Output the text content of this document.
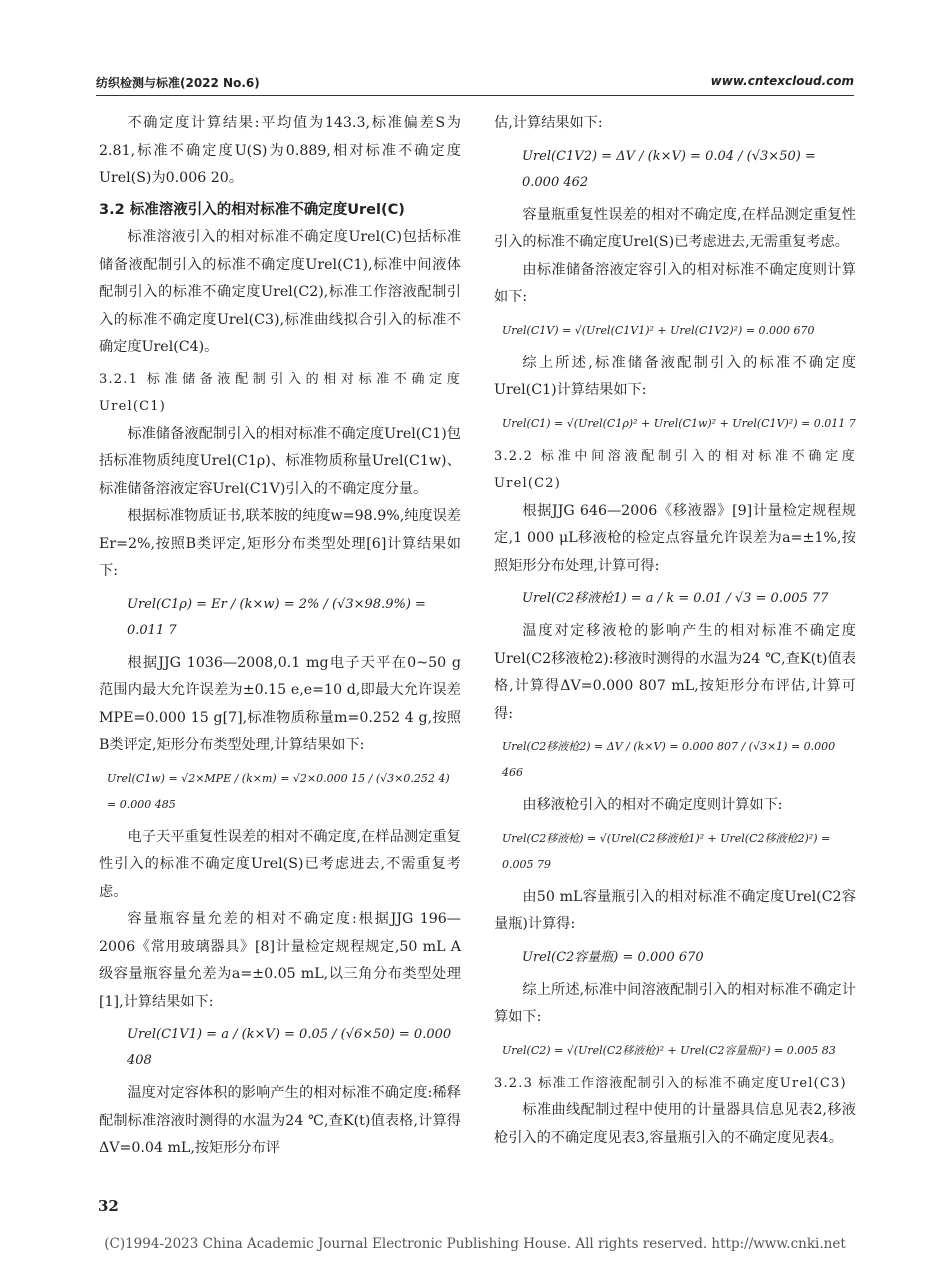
纺织检测与标准(2022 No.6)	www.cntexcloud.com

不确定度计算结果:平均值为143.3,标准偏差S为2.81,标准不确定度U(S)为0.889,相对标准不确定度Urel(S)为0.006 20。

3.2 标准溶液引入的相对标准不确定度Urel(C)

标准溶液引入的相对标准不确定度Urel(C)包括标准储备液配制引入的标准不确定度Urel(C1),标准中间液体配制引入的标准不确定度Urel(C2),标准工作溶液配制引入的标准不确定度Urel(C3),标准曲线拟合引入的标准不确定度Urel(C4)。

3.2.1 标准储备液配制引入的相对标准不确定度Urel(C1)

标准储备液配制引入的相对标准不确定度Urel(C1)包括标准物质纯度Urel(C1ρ)、标准物质称量Urel(C1w)、标准储备溶液定容Urel(C1V)引入的不确定度分量。

根据标准物质证书,联苯胺的纯度w=98.9%,纯度误差Er=2%,按照B类评定,矩形分布类型处理[6]计算结果如下:

Urel(C1ρ) = Er / (k×w) = 2% / (√3×98.9%) = 0.011 7

根据JJG 1036—2008,0.1 mg电子天平在0~50 g范围内最大允许误差为±0.15 e,e=10 d,即最大允许误差MPE=0.000 15 g[7],标准物质称量m=0.252 4 g,按照B类评定,矩形分布类型处理,计算结果如下:

Urel(C1w) = √2×MPE / (k×m) = √2×0.000 15 / (√3×0.252 4) = 0.000 485

电子天平重复性误差的相对不确定度,在样品测定重复性引入的标准不确定度Urel(S)已考虑进去,不需重复考虑。

容量瓶容量允差的相对不确定度:根据JJG 196—2006《常用玻璃器具》[8]计量检定规程规定,50 mL A级容量瓶容量允差为a=±0.05 mL,以三角分布类型处理[1],计算结果如下:

Urel(C1V1) = a / (k×V) = 0.05 / (√6×50) = 0.000 408

温度对定容体积的影响产生的相对标准不确定度:稀释配制标准溶液时测得的水温为24 ℃,查K(t)值表格,计算得ΔV=0.04 mL,按矩形分布评

估,计算结果如下:

Urel(C1V2) = ΔV / (k×V) = 0.04 / (√3×50) = 0.000 462

容量瓶重复性误差的相对不确定度,在样品测定重复性引入的标准不确定度Urel(S)已考虑进去,无需重复考虑。

由标准储备溶液定容引入的相对标准不确定度则计算如下:

Urel(C1V) = √(Urel(C1V1)² + Urel(C1V2)²) = 0.000 670

综上所述,标准储备液配制引入的标准不确定度Urel(C1)计算结果如下:

Urel(C1) = √(Urel(C1ρ)² + Urel(C1w)² + Urel(C1V)²) = 0.011 7

3.2.2 标准中间溶液配制引入的相对标准不确定度Urel(C2)

根据JJG 646—2006《移液器》[9]计量检定规程规定,1 000 μL移液枪的检定点容量允许误差为a=±1%,按照矩形分布处理,计算可得:

Urel(C2移液枪1) = a / k = 0.01 / √3 = 0.005 77

温度对定移液枪的影响产生的相对标准不确定度Urel(C2移液枪2):移液时测得的水温为24 ℃,查K(t)值表格,计算得ΔV=0.000 807 mL,按矩形分布评估,计算可得:

Urel(C2移液枪2) = ΔV / (k×V) = 0.000 807 / (√3×1) = 0.000 466

由移液枪引入的相对不确定度则计算如下:

Urel(C2移液枪) = √(Urel(C2移液枪1)² + Urel(C2移液枪2)²) = 0.005 79

由50 mL容量瓶引入的相对标准不确定度Urel(C2容量瓶)计算得:

Urel(C2容量瓶) = 0.000 670

综上所述,标准中间溶液配制引入的相对标准不确定计算如下:

Urel(C2) = √(Urel(C2移液枪)² + Urel(C2容量瓶)²) = 0.005 83

3.2.3 标准工作溶液配制引入的标准不确定度Urel(C3)

标准曲线配制过程中使用的计量器具信息见表2,移液枪引入的不确定度见表3,容量瓶引入的不确定度见表4。

32
(C)1994-2023 China Academic Journal Electronic Publishing House. All rights reserved. http://www.cnki.net
